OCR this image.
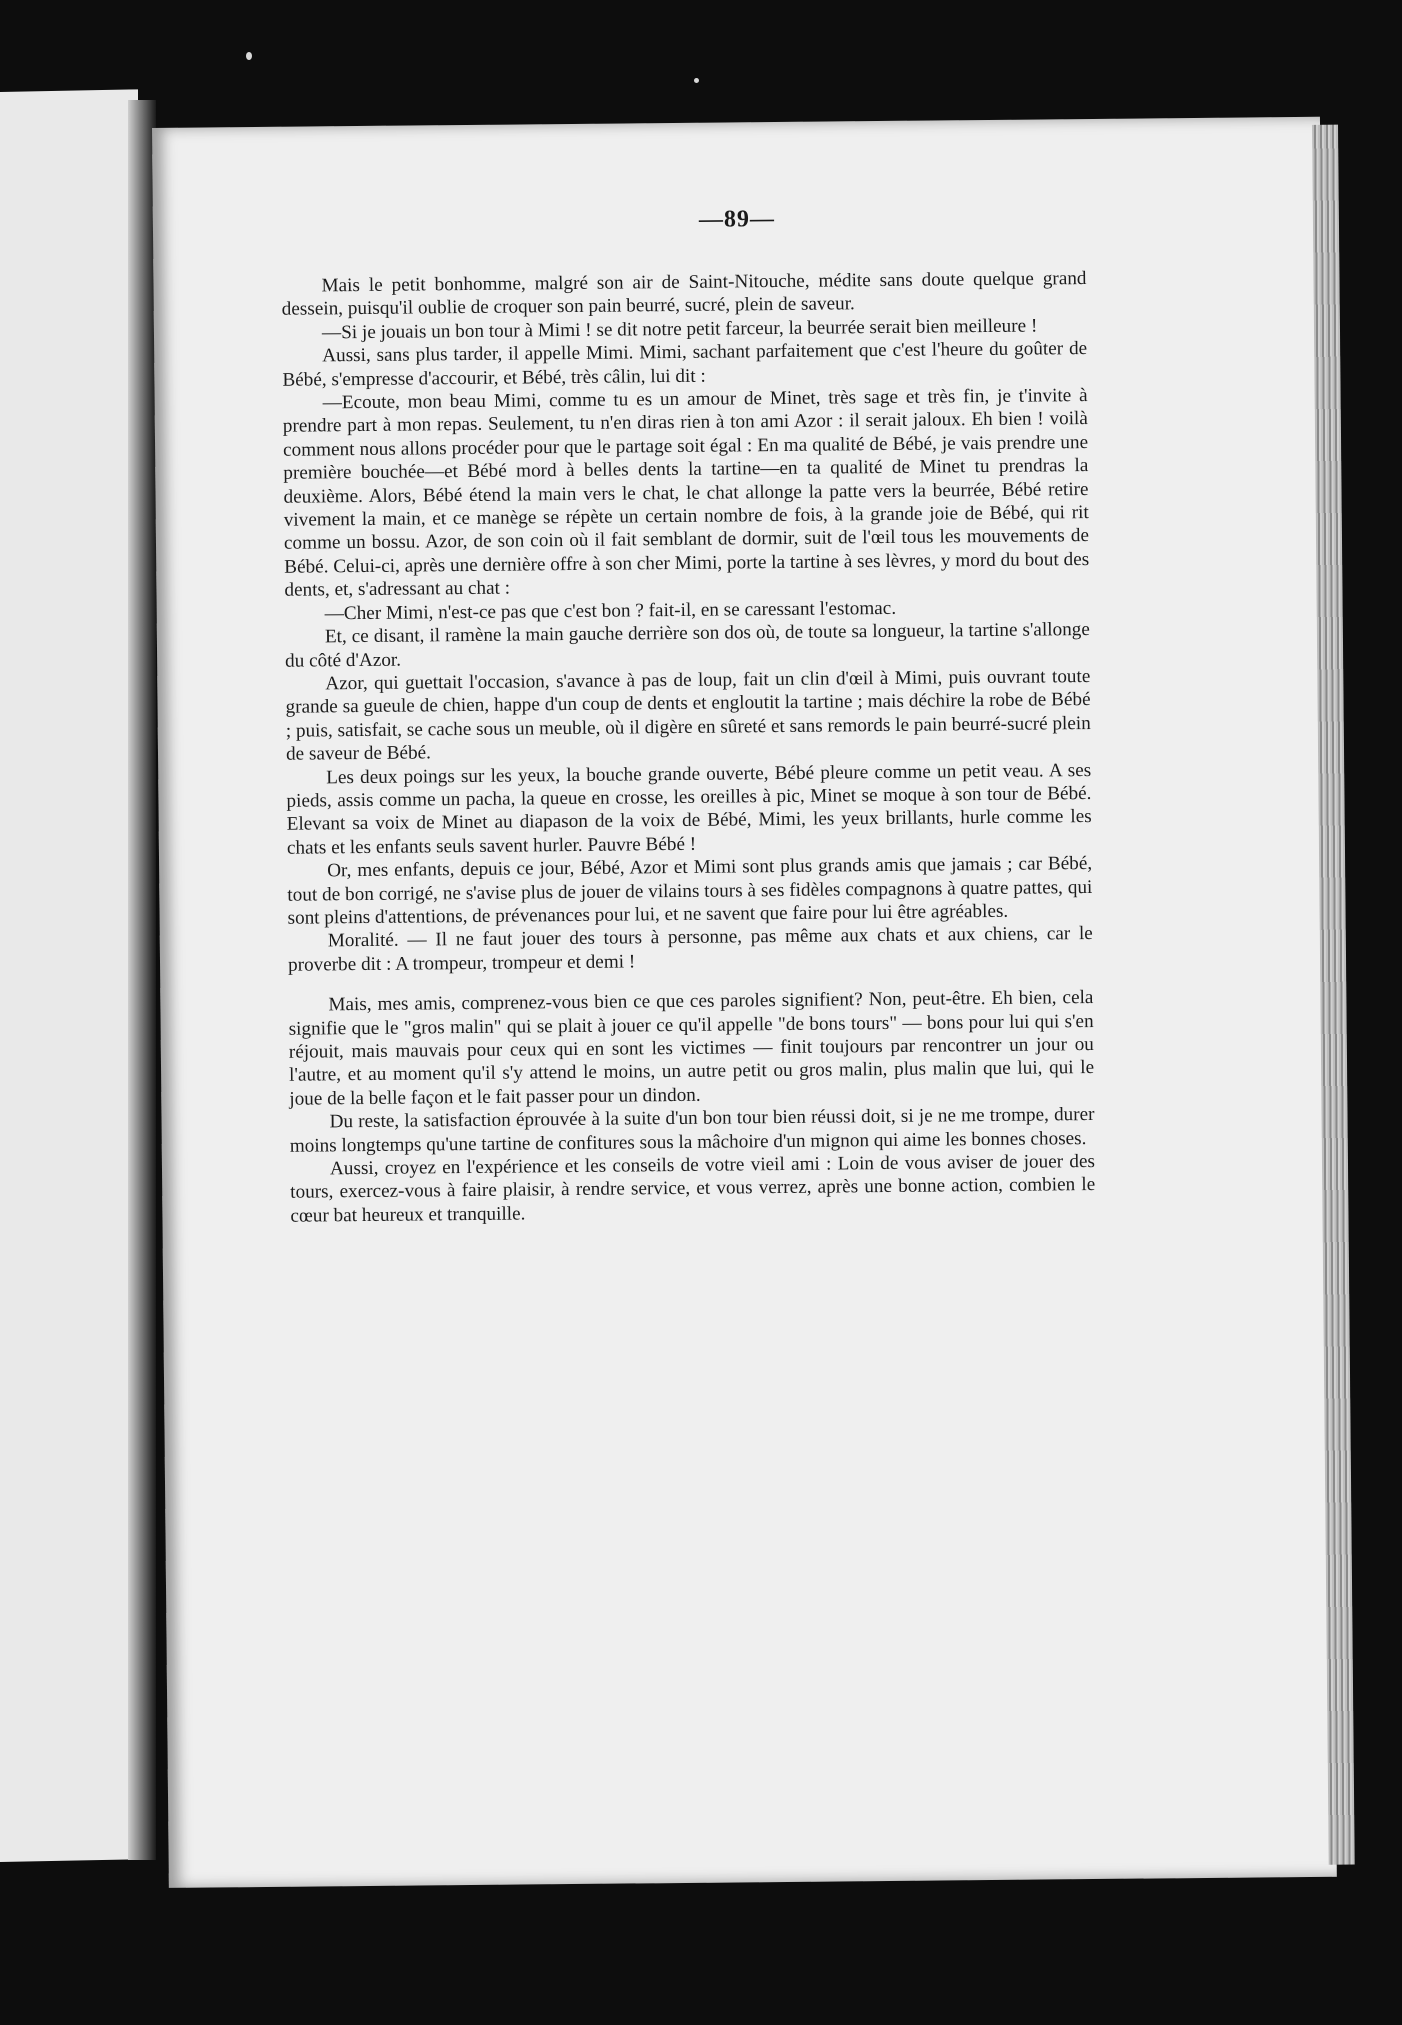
—89—

Mais le petit bonhomme, malgré son air de Saint-Nitouche, médite sans doute quelque grand dessein, puisqu'il oublie de croquer son pain beurré, sucré, plein de saveur.

—Si je jouais un bon tour à Mimi ! se dit notre petit farceur, la beurrée serait bien meilleure !

Aussi, sans plus tarder, il appelle Mimi. Mimi, sachant parfaitement que c'est l'heure du goûter de Bébé, s'empresse d'accourir, et Bébé, très câlin, lui dit :

—Ecoute, mon beau Mimi, comme tu es un amour de Minet, très sage et très fin, je t'invite à prendre part à mon repas. Seulement, tu n'en diras rien à ton ami Azor : il serait jaloux. Eh bien ! voilà comment nous allons procéder pour que le partage soit égal : En ma qualité de Bébé, je vais prendre une première bouchée—et Bébé mord à belles dents la tartine—en ta qualité de Minet tu prendras la deuxième. Alors, Bébé étend la main vers le chat, le chat allonge la patte vers la beurrée, Bébé retire vivement la main, et ce manège se répète un certain nombre de fois, à la grande joie de Bébé, qui rit comme un bossu. Azor, de son coin où il fait semblant de dormir, suit de l'œil tous les mouvements de Bébé. Celui-ci, après une dernière offre à son cher Mimi, porte la tartine à ses lèvres, y mord du bout des dents, et, s'adressant au chat :

—Cher Mimi, n'est-ce pas que c'est bon ? fait-il, en se caressant l'estomac.

Et, ce disant, il ramène la main gauche derrière son dos où, de toute sa longueur, la tartine s'allonge du côté d'Azor.

Azor, qui guettait l'occasion, s'avance à pas de loup, fait un clin d'œil à Mimi, puis ouvrant toute grande sa gueule de chien, happe d'un coup de dents et engloutit la tartine ; mais déchire la robe de Bébé ; puis, satisfait, se cache sous un meuble, où il digère en sûreté et sans remords le pain beurré-sucré plein de saveur de Bébé.

Les deux poings sur les yeux, la bouche grande ouverte, Bébé pleure comme un petit veau. A ses pieds, assis comme un pacha, la queue en crosse, les oreilles à pic, Minet se moque à son tour de Bébé. Elevant sa voix de Minet au diapason de la voix de Bébé, Mimi, les yeux brillants, hurle comme les chats et les enfants seuls savent hurler. Pauvre Bébé !

Or, mes enfants, depuis ce jour, Bébé, Azor et Mimi sont plus grands amis que jamais ; car Bébé, tout de bon corrigé, ne s'avise plus de jouer de vilains tours à ses fidèles compagnons à quatre pattes, qui sont pleins d'attentions, de prévenances pour lui, et ne savent que faire pour lui être agréables.

Moralité. — Il ne faut jouer des tours à personne, pas même aux chats et aux chiens, car le proverbe dit : A trompeur, trompeur et demi !

Mais, mes amis, comprenez-vous bien ce que ces paroles signifient? Non, peut-être. Eh bien, cela signifie que le "gros malin" qui se plait à jouer ce qu'il appelle "de bons tours" — bons pour lui qui s'en réjouit, mais mauvais pour ceux qui en sont les victimes — finit toujours par rencontrer un jour ou l'autre, et au moment qu'il s'y attend le moins, un autre petit ou gros malin, plus malin que lui, qui le joue de la belle façon et le fait passer pour un dindon.

Du reste, la satisfaction éprouvée à la suite d'un bon tour bien réussi doit, si je ne me trompe, durer moins longtemps qu'une tartine de confitures sous la mâchoire d'un mignon qui aime les bonnes choses.

Aussi, croyez en l'expérience et les conseils de votre vieil ami : Loin de vous aviser de jouer des tours, exercez-vous à faire plaisir, à rendre service, et vous verrez, après une bonne action, combien le cœur bat heureux et tranquille.
